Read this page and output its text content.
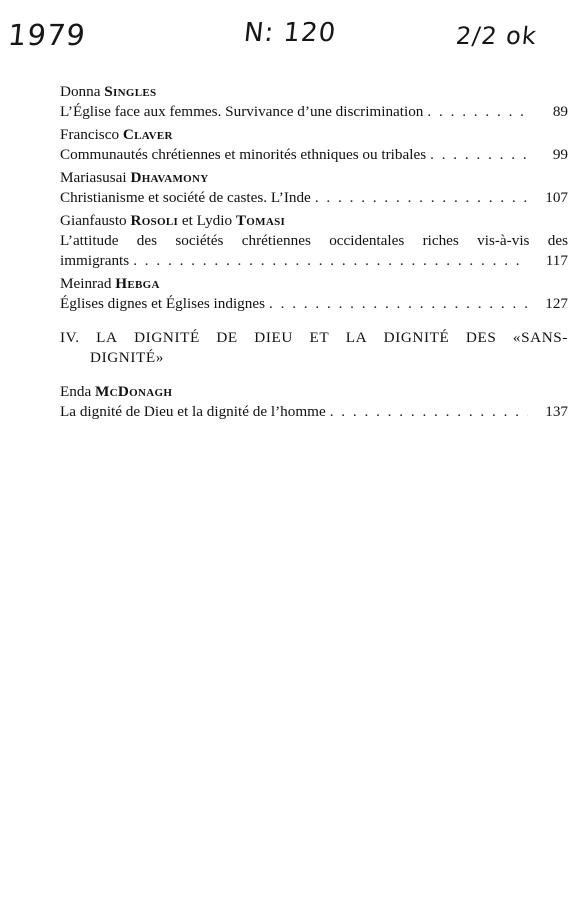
1979	N: 120	2/2 ok
Donna Singles
L’Église face aux femmes. Survivance d’une discrimination . . .	89
Francisco Claver
Communautés chrétiennes et minorités ethniques ou tribales . . .	99
Mariasusai Dhavamony
Christianisme et société de castes. L’Inde . . .	107
Gianfausto Rosoli et Lydio Tomasi
L’attitude des sociétés chrétiennes occidentales riches vis-à-vis des
immigrants . . .	117
Meinrad Hebga
Églises dignes et Églises indignes . . .	127
IV. LA DIGNITÉ DE DIEU ET LA DIGNITÉ DES «SANS-
DIGNITÉ»
Enda McDonagh
La dignité de Dieu et la dignité de l’homme . . .	137
